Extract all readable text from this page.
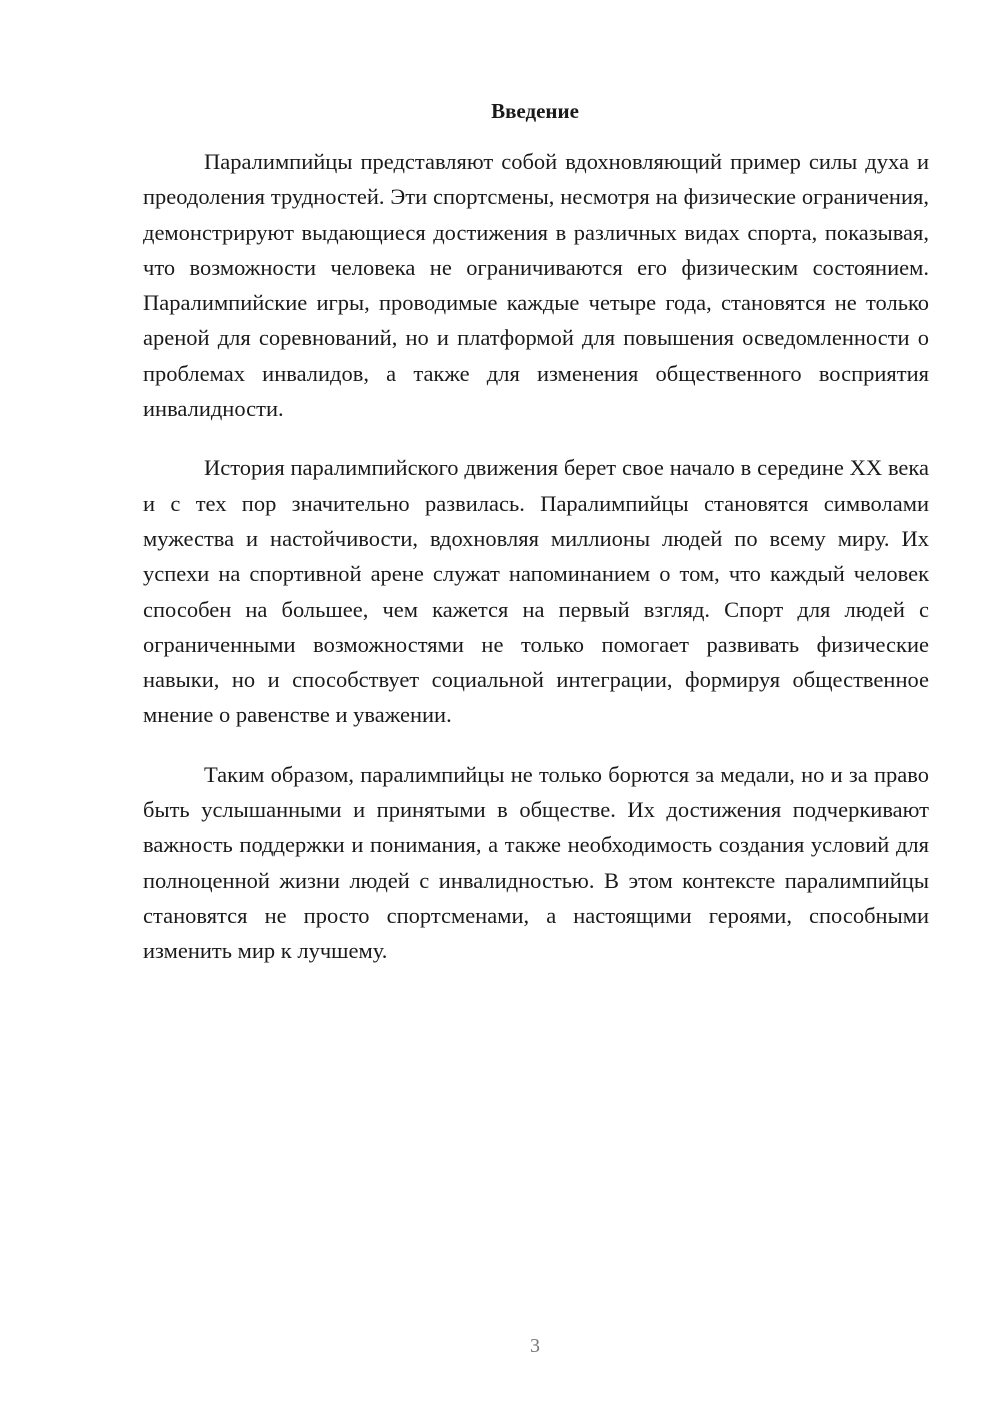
Введение

Паралимпийцы представляют собой вдохновляющий пример силы духа и преодоления трудностей. Эти спортсмены, несмотря на физические ограничения, демонстрируют выдающиеся достижения в различных видах спорта, показывая, что возможности человека не ограничиваются его физическим состоянием. Паралимпийские игры, проводимые каждые четыре года, становятся не только ареной для соревнований, но и платформой для повышения осведомленности о проблемах инвалидов, а также для изменения общественного восприятия инвалидности.

История паралимпийского движения берет свое начало в середине XX века и с тех пор значительно развилась. Паралимпийцы становятся символами мужества и настойчивости, вдохновляя миллионы людей по всему миру. Их успехи на спортивной арене служат напоминанием о том, что каждый человек способен на большее, чем кажется на первый взгляд. Спорт для людей с ограниченными возможностями не только помогает развивать физические навыки, но и способствует социальной интеграции, формируя общественное мнение о равенстве и уважении.

Таким образом, паралимпийцы не только борются за медали, но и за право быть услышанными и принятыми в обществе. Их достижения подчеркивают важность поддержки и понимания, а также необходимость создания условий для полноценной жизни людей с инвалидностью. В этом контексте паралимпийцы становятся не просто спортсменами, а настоящими героями, способными изменить мир к лучшему.

3
